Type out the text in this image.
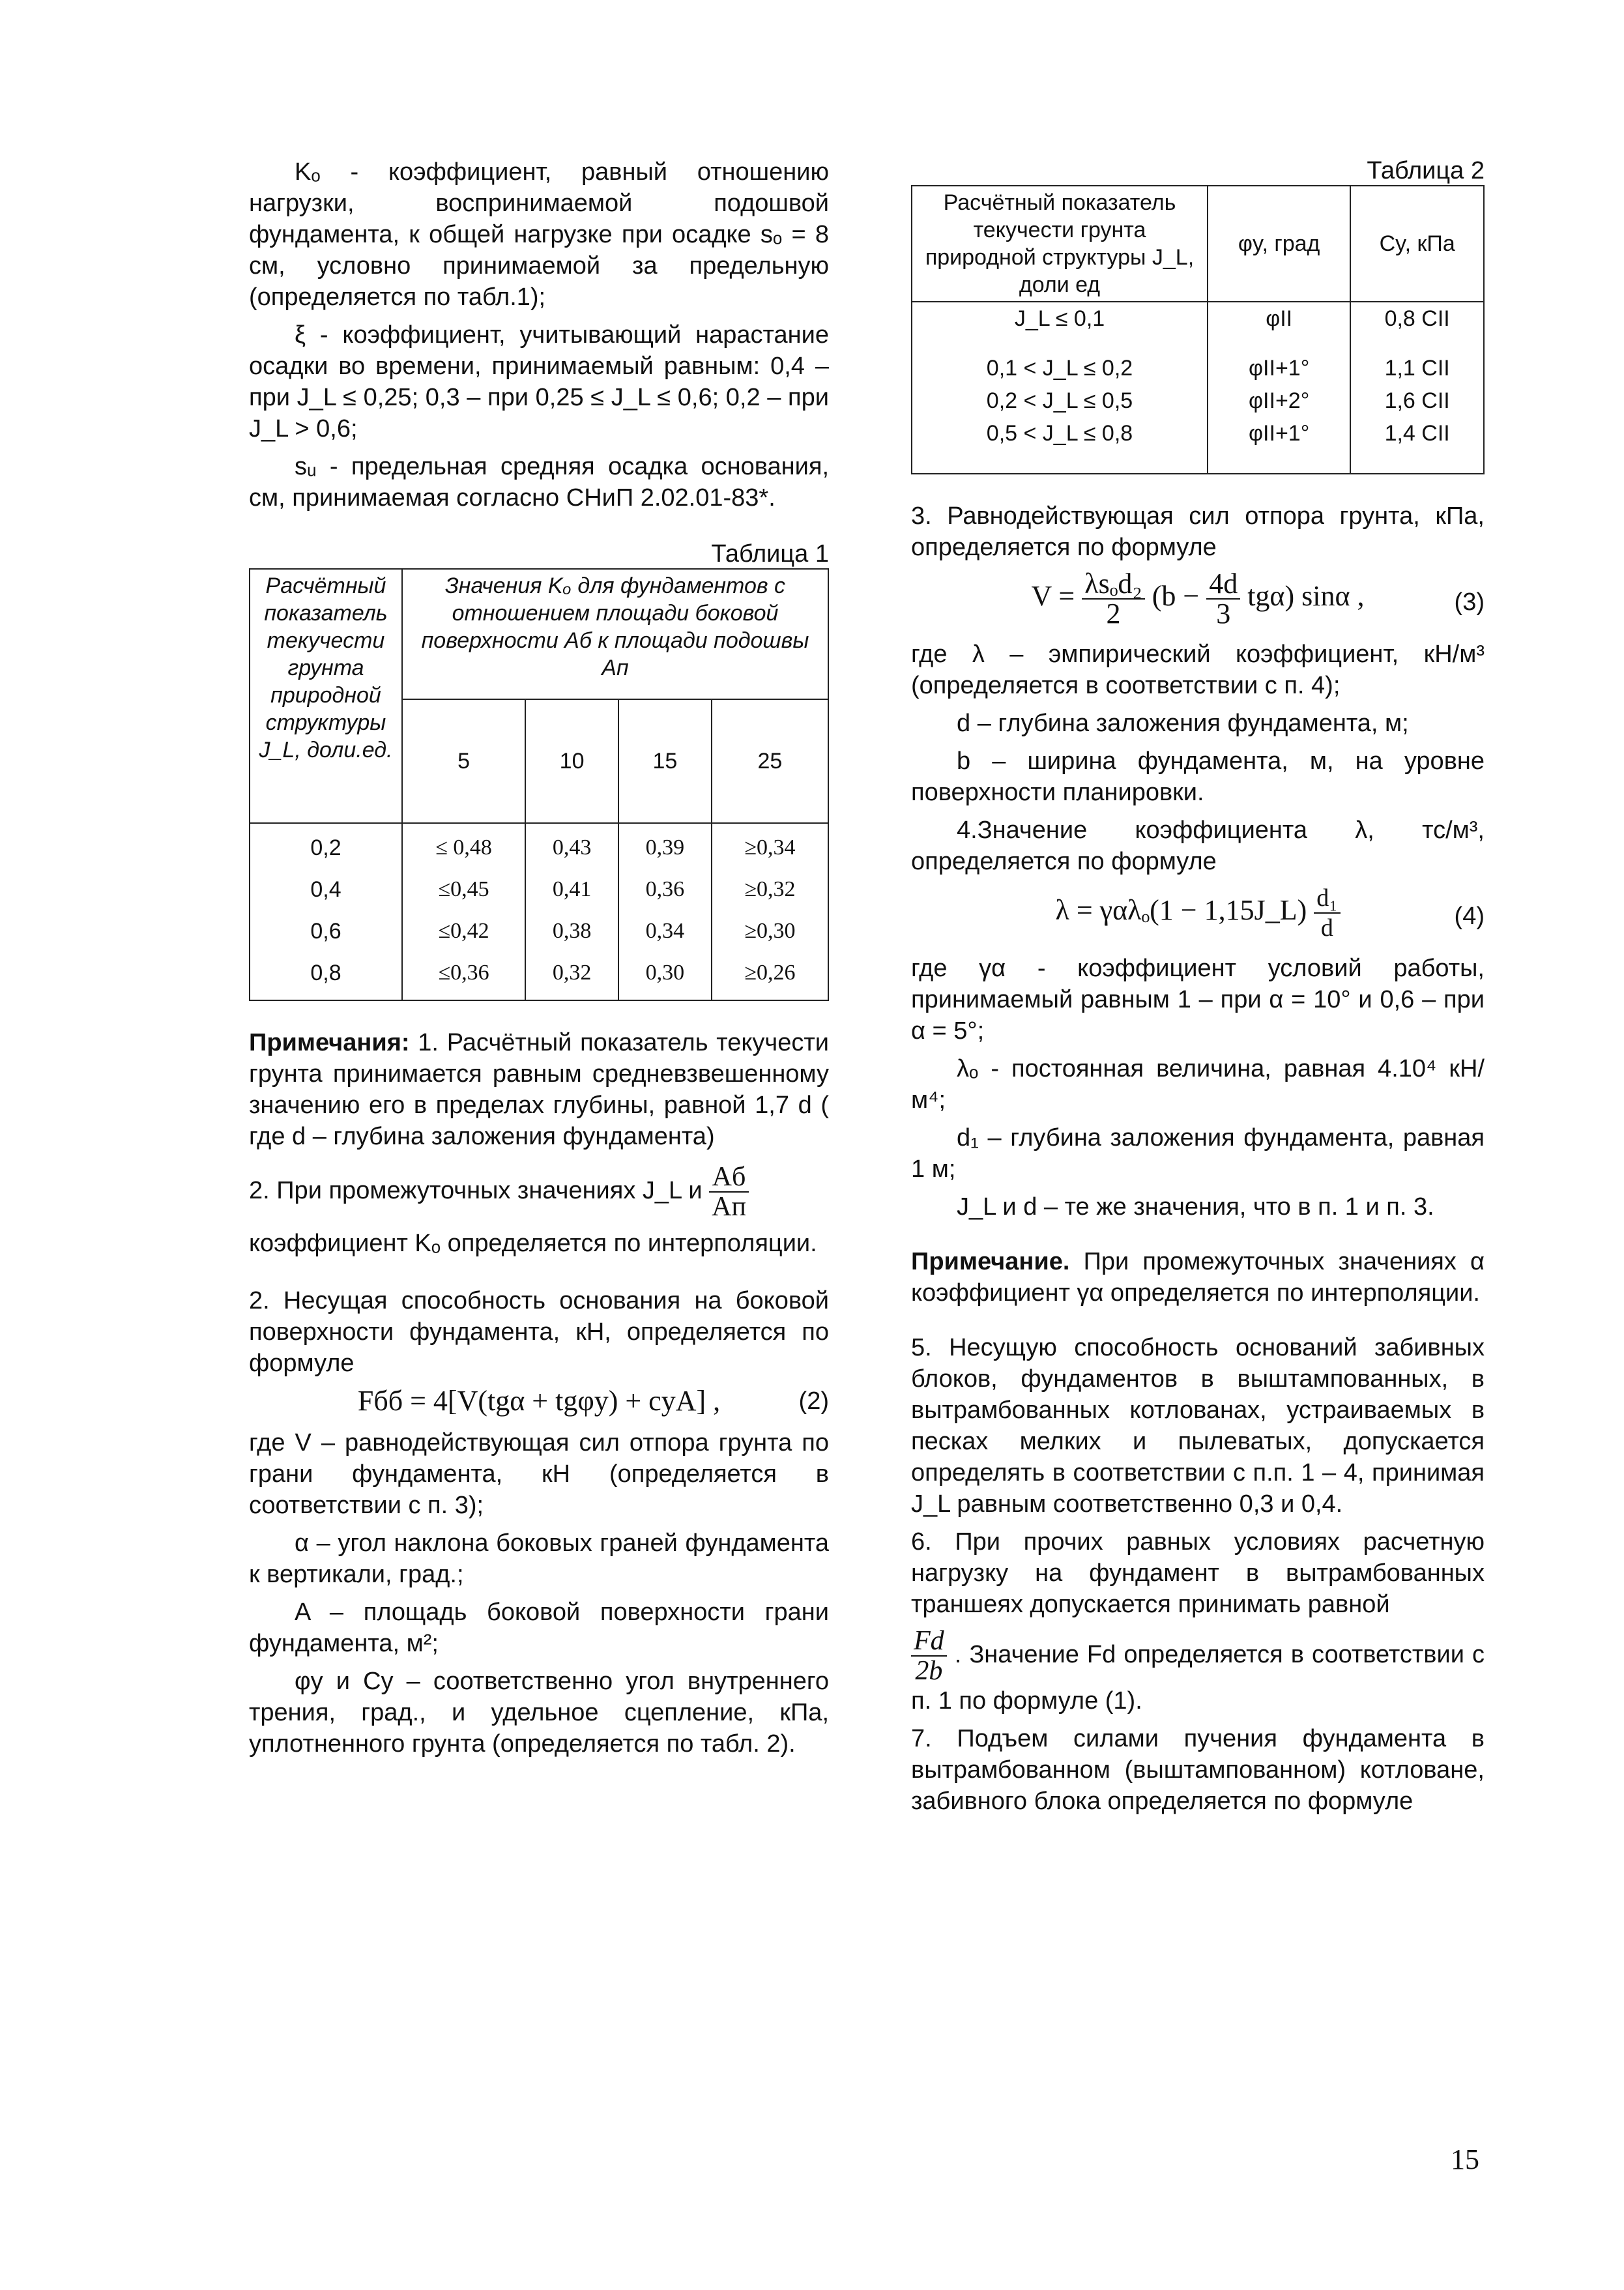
Kₒ - коэффициент, равный отношению нагрузки, воспринимаемой подошвой фундамента, к общей нагрузке при осадке sₒ = 8 см, условно принимаемой за предельную (определяется по табл.1);

ξ - коэффициент, учитывающий нарастание осадки во времени, принимаемый равным: 0,4 – при J_L ≤ 0,25; 0,3 – при 0,25 ≤ J_L ≤ 0,6; 0,2 – при J_L > 0,6;

sᵤ - предельная средняя осадка основания, см, принимаемая согласно СНиП 2.02.01-83*.

Таблица 1

Расчётный показатель текучести грунта природной структуры J_L, доли.ед.	Значения Kₒ для фундаментов с отношением площади боковой поверхности Aб к площади подошвы Aп			
	5	10	15	25
0,2	≤ 0,48	0,43	0,39	≥0,34
0,4	≤0,45	0,41	0,36	≥0,32
0,6	≤0,42	0,38	0,34	≥0,30
0,8	≤0,36	0,32	0,30	≥0,26

Примечания: 1. Расчётный показатель текучести грунта принимается равным средневзвешенному значению его в пределах глубины, равной 1,7 d ( где d – глубина заложения фундамента)

2. При промежуточных значениях J_L и $\frac{Aб}{Aп}$

коэффициент Kₒ определяется по интерполяции.

2. Несущая способность основания на боковой поверхности фундамента, кН, определяется по формуле

Fбб = 4[V(tgα + tgφy) + cyA] ,	(2)

где V – равнодействующая сил отпора грунта по грани фундамента, кН (определяется в соответствии с п. 3);

α – угол наклона боковых граней фундамента к вертикали, град.;

A – площадь боковой поверхности грани фундамента, м²;

φy и Cy – соответственно угол внутреннего трения, град., и удельное сцепление, кПа, уплотненного грунта (определяется по табл. 2).

Таблица 2

Расчётный показатель текучести грунта природной структуры J_L, доли ед	φy, град	Cy, кПа
J_L ≤ 0,1	φII	0,8 CII
0,1 < J_L ≤ 0,2	φII+1°	1,1 CII
0,2 < J_L ≤ 0,5	φII+2°	1,6 CII
0,5 < J_L ≤ 0,8	φII+1°	1,4 CII

3. Равнодействующая сил отпора грунта, кПа, определяется по формуле

$V = \frac{\text{λsₒd₂}}{2} (b - \frac{4d}{3} tg\alpha)$ sinα ,	(3)

где λ – эмпирический коэффициент, кН/м³ (определяется в соответствии с п. 4);

d – глубина заложения фундамента, м;

b – ширина фундамента, м, на уровне поверхности планировки.

4.Значение коэффициента λ, тс/м³, определяется по формуле

λ = γαλₒ(1 − 1,15J_L) $\frac{\text{d₁}}{d}$	(4)

где γα - коэффициент условий работы, принимаемый равным 1 – при α = 10° и 0,6 – при α = 5°;

λₒ - постоянная величина, равная 4.10⁴ кН/м⁴;

d₁ – глубина заложения фундамента, равная 1 м;

J_L и d – те же значения, что в п. 1 и п. 3.

Примечание. При промежуточных значениях α коэффициент γα определяется по интерполяции.

5. Несущую способность оснований забивных блоков, фундаментов в выштампованных, в вытрамбованных котлованах, устраиваемых в песках мелких и пылеватых, допускается определять в соответствии с п.п. 1 – 4, принимая J_L равным соответственно 0,3 и 0,4.

6. При прочих равных условиях расчетную нагрузку на фундамент в вытрамбованных траншеях допускается принимать равной

$\frac{Fd}{2b}$ . Значение Fd определяется в соответствии с п. 1 по формуле (1).

7. Подъем силами пучения фундамента в вытрамбованном (выштампованном) котловане, забивного блока определяется по формуле

15
